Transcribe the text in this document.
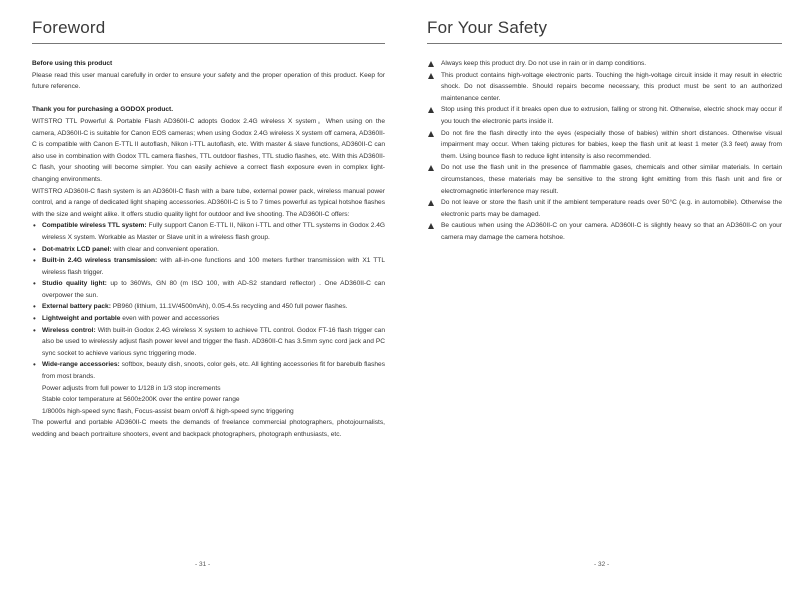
Foreword

Before using this product

Please read this user manual carefully in order to ensure your safety and the proper operation of this product. Keep for future reference.

Thank you for purchasing a GODOX product.

WITSTRO TTL Powerful & Portable Flash AD360II-C adopts Godox 2.4G wireless X system。When using on the camera, AD360II-C is suitable for Canon EOS cameras; when using Godox 2.4G wireless X system off camera, AD360II-C is compatible with Canon E-TTL II autoflash, Nikon i-TTL autoflash, etc. With master & slave functions, AD360II-C can also use in combination with Godox TTL camera flashes, TTL outdoor flashes, TTL studio flashes, etc. With this AD360II-C flash, your shooting will become simpler. You can easily achieve a correct flash exposure even in complex light-changing environments.

WITSTRO AD360II-C flash system is an AD360II-C flash with a bare tube, external power pack, wireless manual power control, and a range of dedicated light shaping accessories. AD360II-C is 5 to 7 times powerful as typical hotshoe flashes with the size and weight alike. It offers studio quality light for outdoor and live shooting. The AD360II-C offers:

• Compatible wireless TTL system: Fully support Canon E-TTL II, Nikon i-TTL and other TTL systems in Godox 2.4G wireless X system. Workable as Master or Slave unit in a wireless flash group.
• Dot-matrix LCD panel: with clear and convenient operation.
• Built-in 2.4G wireless transmission: with all-in-one functions and 100 meters further transmission with X1 TTL wireless flash trigger.
• Studio quality light: up to 360Ws, GN 80 (m ISO 100, with AD-S2 standard reflector) . One AD360II-C can overpower the sun.
• External battery pack: PB960 (lithium, 11.1V/4500mAh), 0.05-4.5s recycling and 450 full power flashes.
• Lightweight and portable even with power and accessories
• Wireless control: With built-in Godox 2.4G wireless X system to achieve TTL control. Godox FT-16 flash trigger can also be used to wirelessly adjust flash power level and trigger the flash. AD360II-C has 3.5mm sync cord jack and PC sync socket to achieve various sync triggering mode.
• Wide-range accessories: softbox, beauty dish, snoots, color gels, etc. All lighting accessories fit for barebulb flashes from most brands.

Power adjusts from full power to 1/128 in 1/3 stop increments

Stable color temperature at 5600±200K over the entire power range

1/8000s high-speed sync flash, Focus-assist beam on/off & high-speed sync triggering

The powerful and portable AD360II-C meets the demands of freelance commercial photographers, photojournalists, wedding and beach portraiture shooters, event and backpack photographers, photograph enthusiasts, etc.

- 31 -
For Your Safety
Always keep this product dry. Do not use in rain or in damp conditions.
This product contains high-voltage electronic parts. Touching the high-voltage circuit inside it may result in electric shock. Do not disassemble. Should repairs become necessary, this product must be sent to an authorized maintenance center.
Stop using this product if it breaks open due to extrusion, falling or strong hit. Otherwise, electric shock may occur if you touch the electronic parts inside it.
Do not fire the flash directly into the eyes (especially those of babies) within short distances. Otherwise visual impairment may occur. When taking pictures for babies, keep the flash unit at least 1 meter (3.3 feet) away from them. Using bounce flash to reduce light intensity is also recommended.
Do not use the flash unit in the presence of flammable gases, chemicals and other similar materials. In certain circumstances, these materials may be sensitive to the strong light emitting from this flash unit and fire or electromagnetic interference may result.
Do not leave or store the flash unit if the ambient temperature reads over 50°C (e.g. in automobile). Otherwise the electronic parts may be damaged.
Be cautious when using the AD360II-C on your camera. AD360II-C is slightly heavy so that an AD360II-C on your camera may damage the camera hotshoe.
- 32 -
